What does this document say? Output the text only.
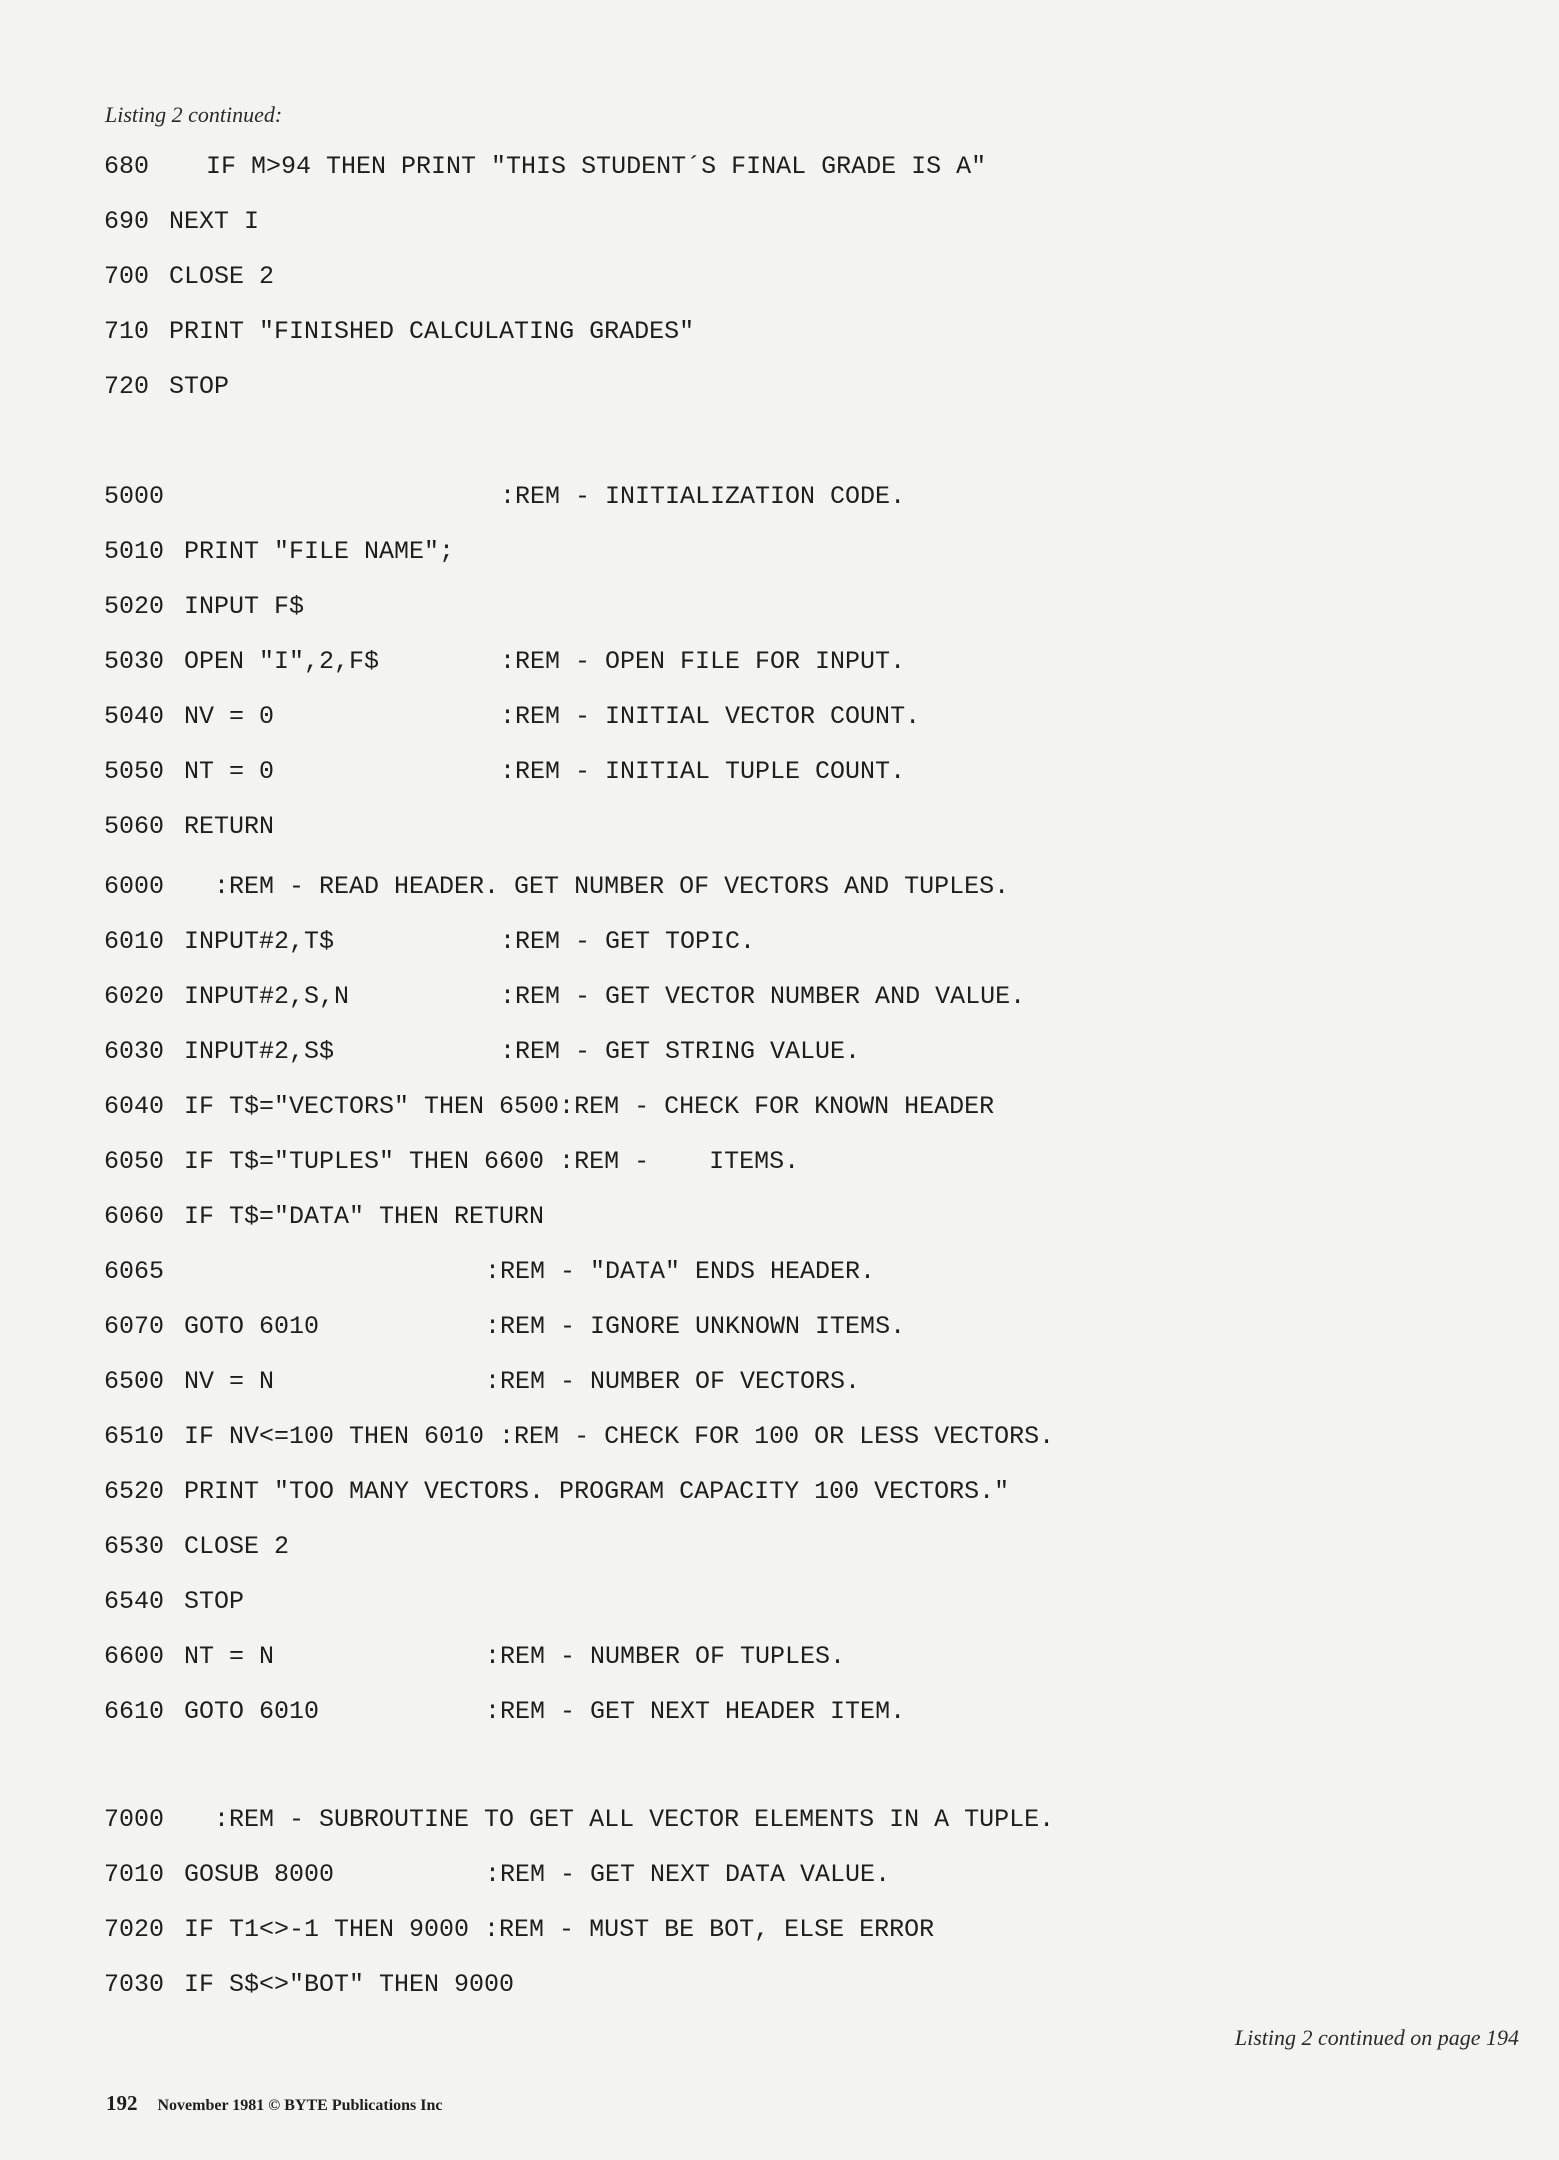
Listing 2 continued:
680  IF M>94 THEN PRINT "THIS STUDENT´S FINAL GRADE IS A"
690 NEXT I
700 CLOSE 2
710 PRINT "FINISHED CALCULATING GRADES"
720 STOP
5000	:REM - INITIALIZATION CODE.
5010 PRINT "FILE NAME";
5020 INPUT F$
5030 OPEN "I",2,F$	:REM - OPEN FILE FOR INPUT.
5040 NV = 0	:REM - INITIAL VECTOR COUNT.
5050 NT = 0	:REM - INITIAL TUPLE COUNT.
5060 RETURN
6000  :REM - READ HEADER. GET NUMBER OF VECTORS AND TUPLES.
6010 INPUT#2,T$	:REM - GET TOPIC.
6020 INPUT#2,S,N	:REM - GET VECTOR NUMBER AND VALUE.
6030 INPUT#2,S$	:REM - GET STRING VALUE.
6040 IF T$="VECTORS" THEN 6500:REM - CHECK FOR KNOWN HEADER
6050 IF T$="TUPLES" THEN 6600 :REM -    ITEMS.
6060 IF T$="DATA" THEN RETURN
6065	:REM - "DATA" ENDS HEADER.
6070 GOTO 6010	:REM - IGNORE UNKNOWN ITEMS.
6500 NV = N	:REM - NUMBER OF VECTORS.
6510 IF NV<=100 THEN 6010 :REM - CHECK FOR 100 OR LESS VECTORS.
6520 PRINT "TOO MANY VECTORS. PROGRAM CAPACITY 100 VECTORS."
6530 CLOSE 2
6540 STOP
6600 NT = N	:REM - NUMBER OF TUPLES.
6610 GOTO 6010	:REM - GET NEXT HEADER ITEM.
7000  :REM - SUBROUTINE TO GET ALL VECTOR ELEMENTS IN A TUPLE.
7010 GOSUB 8000	:REM - GET NEXT DATA VALUE.
7020 IF T1<>-1 THEN 9000 :REM - MUST BE BOT, ELSE ERROR
7030 IF S$<>"BOT" THEN 9000
Listing 2 continued on page 194
192 November 1981 © BYTE Publications Inc
